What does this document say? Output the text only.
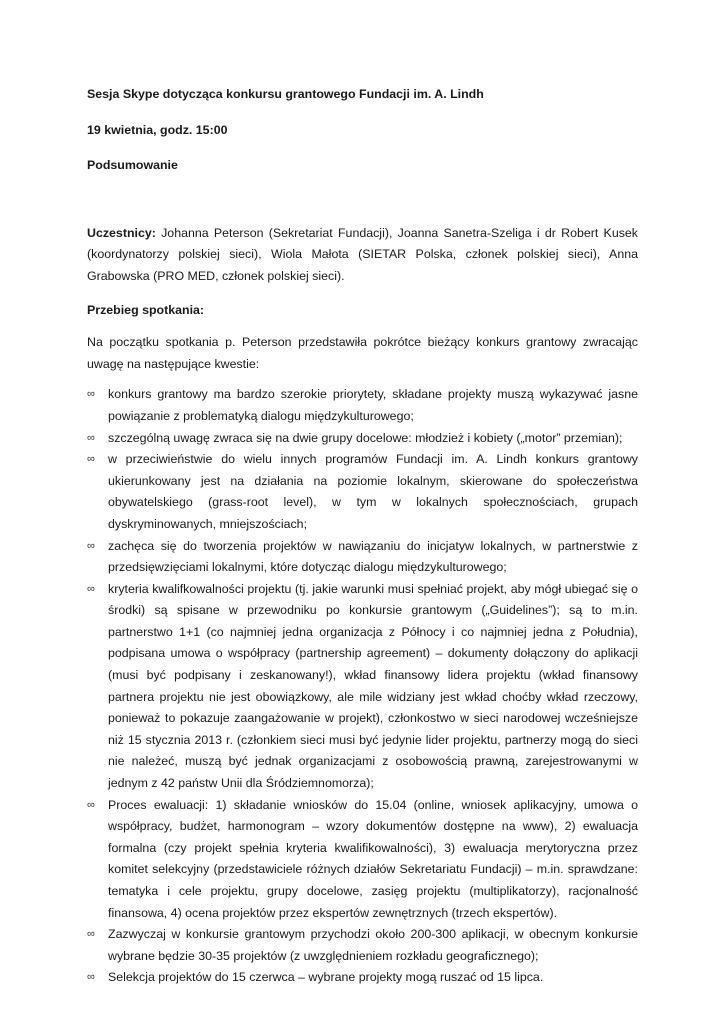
Sesja Skype dotycząca konkursu grantowego Fundacji im. A. Lindh
19 kwietnia, godz. 15:00
Podsumowanie

Uczestnicy: Johanna Peterson (Sekretariat Fundacji), Joanna Sanetra-Szeliga i dr Robert Kusek (koordynatorzy polskiej sieci), Wiola Małota (SIETAR Polska, członek polskiej sieci), Anna Grabowska (PRO MED, członek polskiej sieci).

Przebieg spotkania:

Na początku spotkania p. Peterson przedstawiła pokrótce bieżący konkurs grantowy zwracając uwagę na następujące kwestie:

∞ konkurs grantowy ma bardzo szerokie priorytety, składane projekty muszą wykazywać jasne powiązanie z problematyką dialogu międzykulturowego;
∞ szczególną uwagę zwraca się na dwie grupy docelowe: młodzież i kobiety („motor” przemian);
∞ w przeciwieństwie do wielu innych programów Fundacji im. A. Lindh konkurs grantowy ukierunkowany jest na działania na poziomie lokalnym, skierowane do społeczeństwa obywatelskiego (grass-root level), w tym w lokalnych społecznościach, grupach dyskryminowanych, mniejszościach;
∞ zachęca się do tworzenia projektów w nawiązaniu do inicjatyw lokalnych, w partnerstwie z przedsięwzięciami lokalnymi, które dotycząc dialogu międzykulturowego;
∞ kryteria kwalifkowalności projektu (tj. jakie warunki musi spełniać projekt, aby mógł ubiegać się o środki) są spisane w przewodniku po konkursie grantowym („Guidelines”); są to m.in. partnerstwo 1+1 (co najmniej jedna organizacja z Północy i co najmniej jedna z Południa), podpisana umowa o współpracy (partnership agreement) – dokumenty dołączony do aplikacji (musi być podpisany i zeskanowany!), wkład finansowy lidera projektu (wkład finansowy partnera projektu nie jest obowiązkowy, ale mile widziany jest wkład choćby wkład rzeczowy, ponieważ to pokazuje zaangażowanie w projekt), członkostwo w sieci narodowej wcześniejsze niż 15 stycznia 2013 r. (członkiem sieci musi być jedynie lider projektu, partnerzy mogą do sieci nie należeć, muszą być jednak organizacjami z osobowością prawną, zarejestrowanymi w jednym z 42 państw Unii dla Śródziemnomorza);
∞ Proces ewaluacji: 1) składanie wniosków do 15.04 (online, wniosek aplikacyjny, umowa o współpracy, budżet, harmonogram – wzory dokumentów dostępne na www), 2) ewaluacja formalna (czy projekt spełnia kryteria kwalifikowalności), 3) ewaluacja merytoryczna przez komitet selekcyjny (przedstawiciele różnych działów Sekretariatu Fundacji) – m.in. sprawdzane: tematyka i cele projektu, grupy docelowe, zasięg projektu (multiplikatorzy), racjonalność finansowa, 4) ocena projektów przez ekspertów zewnętrznych (trzech ekspertów).
∞ Zazwyczaj w konkursie grantowym przychodzi około 200-300 aplikacji, w obecnym konkursie wybrane będzie 30-35 projektów (z uwzględnieniem rozkładu geograficznego);
∞ Selekcja projektów do 15 czerwca – wybrane projekty mogą ruszać od 15 lipca.
